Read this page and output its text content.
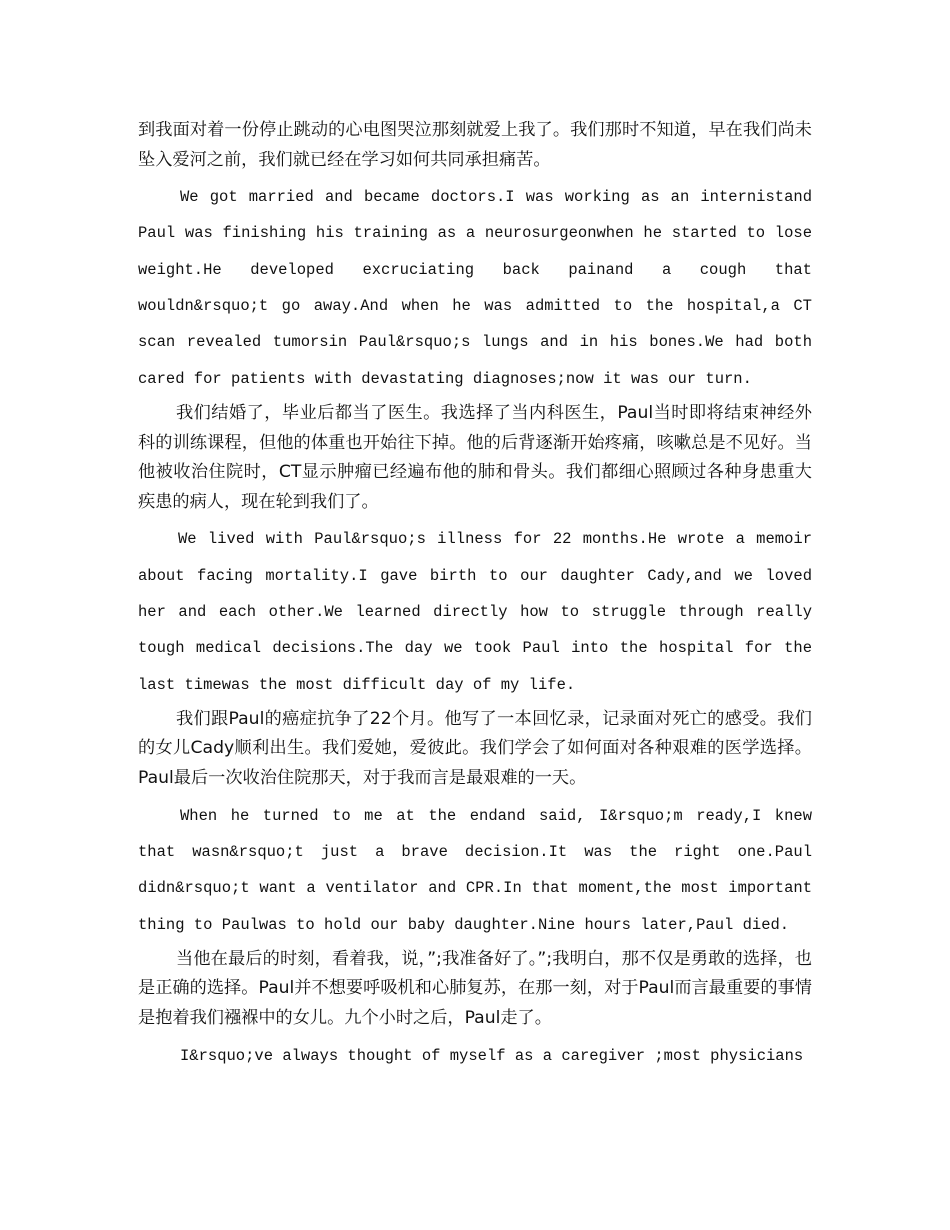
到我面对着一份停止跳动的心电图哭泣那刻就爱上我了。我们那时不知道，早在我们尚未坠入爱河之前，我们就已经在学习如何共同承担痛苦。

We got married and became doctors.I was working as an internistand Paul was finishing his training as a neurosurgeonwhen he started to lose weight.He developed excruciating back painand a cough that wouldn&rsquo;t go away.And when he was admitted to the hospital,a CT scan revealed tumorsin Paul&rsquo;s lungs and in his bones.We had both cared for patients with devastating diagnoses;now it was our turn.

我们结婚了，毕业后都当了医生。我选择了当内科医生，Paul当时即将结束神经外科的训练课程，但他的体重也开始往下掉。他的后背逐渐开始疼痛，咳嗽总是不见好。当他被收治住院时，CT显示肿瘤已经遍布他的肺和骨头。我们都细心照顾过各种身患重大疾患的病人，现在轮到我们了。

We lived with Paul&rsquo;s illness for 22 months.He wrote a memoir about facing mortality.I gave birth to our daughter Cady,and we loved her and each other.We learned directly how to struggle through really tough medical decisions.The day we took Paul into the hospital for the last timewas the most difficult day of my life.

我们跟Paul的癌症抗争了22个月。他写了一本回忆录，记录面对死亡的感受。我们的女儿Cady顺利出生。我们爱她，爱彼此。我们学会了如何面对各种艰难的医学选择。Paul最后一次收治住院那天，对于我而言是最艰难的一天。

When he turned to me at the endand said, I&rsquo;m ready,I knew that wasn&rsquo;t just a brave decision.It was the right one.Paul didn&rsquo;t want a ventilator and CPR.In that moment,the most important thing to Paulwas to hold our baby daughter.Nine hours later,Paul died.

当他在最后的时刻，看着我，说，”;我准备好了。”;我明白，那不仅是勇敢的选择，也是正确的选择。Paul并不想要呼吸机和心肺复苏，在那一刻，对于Paul而言最重要的事情是抱着我们襁褓中的女儿。九个小时之后，Paul走了。

I&rsquo;ve always thought of myself as a caregiver ;most physicians
